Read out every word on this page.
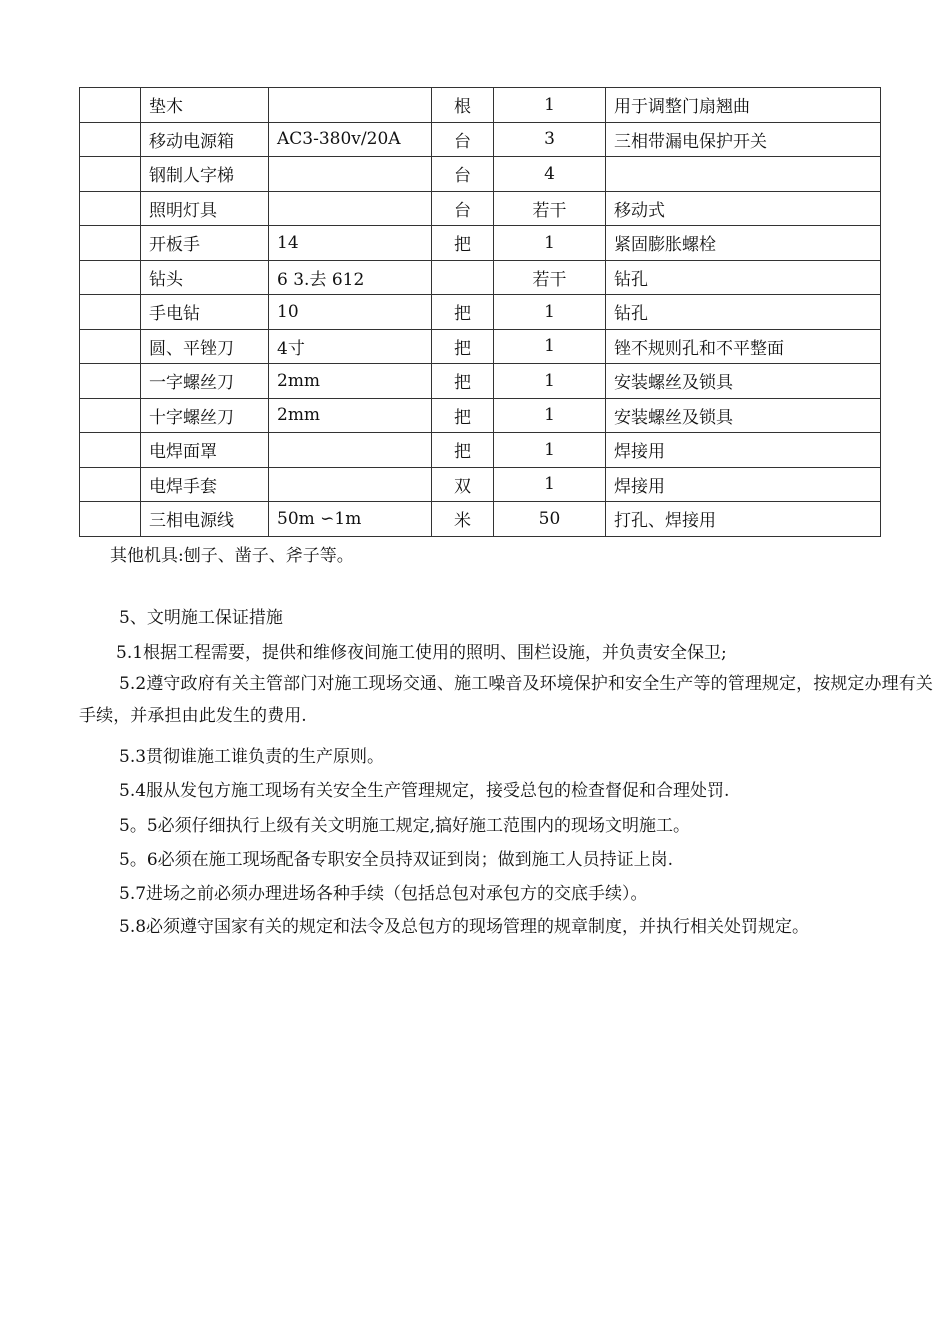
	垫木		根	1	用于调整门扇翘曲
	移动电源箱	AC3-380v/20A	台	3	三相带漏电保护开关
	钢制人字梯		台	4	
	照明灯具		台	若干	移动式
	开板手	14	把	1	紧固膨胀螺栓
	钻头	6 3.去 612		若干	钻孔
	手电钻	10	把	1	钻孔
	圆、平锉刀	4寸	把	1	锉不规则孔和不平整面
	一字螺丝刀	2mm	把	1	安装螺丝及锁具
	十字螺丝刀	2mm	把	1	安装螺丝及锁具
	电焊面罩		把	1	焊接用
	电焊手套		双	1	焊接用
	三相电源线	50m ∽1m	米	50	打孔、焊接用
其他机具:刨子、凿子、斧子等。
5、文明施工保证措施
5.1根据工程需要，提供和维修夜间施工使用的照明、围栏设施，并负责安全保卫;
5.2遵守政府有关主管部门对施工现场交通、施工噪音及环境保护和安全生产等的管理规定，按规定办理有关手续，并承担由此发生的费用.
5.3贯彻谁施工谁负责的生产原则。
5.4服从发包方施工现场有关安全生产管理规定，接受总包的检查督促和合理处罚.
5。5必须仔细执行上级有关文明施工规定,搞好施工范围内的现场文明施工。
5。6必须在施工现场配备专职安全员持双证到岗；做到施工人员持证上岗.
5.7进场之前必须办理进场各种手续（包括总包对承包方的交底手续）。
5.8必须遵守国家有关的规定和法令及总包方的现场管理的规章制度，并执行相关处罚规定。
